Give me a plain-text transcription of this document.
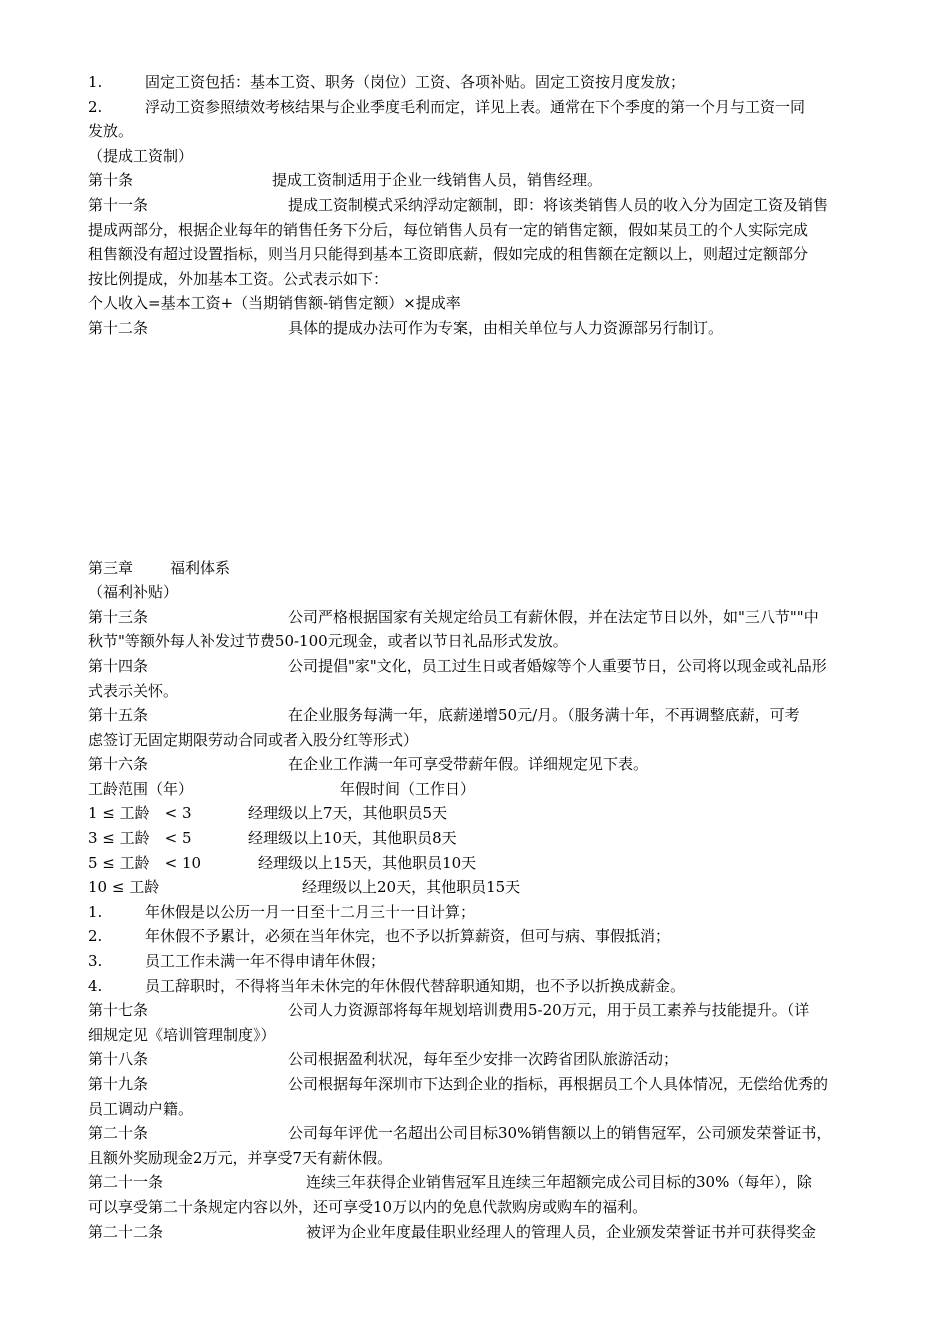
1.	固定工资包括：基本工资、职务（岗位）工资、各项补贴。固定工资按月度发放；

2.	浮动工资参照绩效考核结果与企业季度毛利而定，详见上表。通常在下个季度的第一个月与工资一同

发放。

（提成工资制）

第十条	提成工资制适用于企业一线销售人员，销售经理。

第十一条	提成工资制模式采纳浮动定额制，即：将该类销售人员的收入分为固定工资及销售

提成两部分，根据企业每年的销售任务下分后，每位销售人员有一定的销售定额，假如某员工的个人实际完成

租售额没有超过设置指标，则当月只能得到基本工资即底薪，假如完成的租售额在定额以上，则超过定额部分

按比例提成，外加基本工资。公式表示如下：

个人收入=基本工资+（当期销售额-销售定额）×提成率

第十二条	具体的提成办法可作为专案，由相关单位与人力资源部另行制订。

第三章 福利体系

（福利补贴）

第十三条	公司严格根据国家有关规定给员工有薪休假，并在法定节日以外，如"三八节""中

秋节"等额外每人补发过节费50-100元现金，或者以节日礼品形式发放。

第十四条	公司提倡"家"文化，员工过生日或者婚嫁等个人重要节日，公司将以现金或礼品形

式表示关怀。

第十五条	在企业服务每满一年，底薪递增50元/月。（服务满十年，不再调整底薪，可考

虑签订无固定期限劳动合同或者入股分红等形式）

第十六条	在企业工作满一年可享受带薪年假。详细规定见下表。

工龄范围（年）	年假时间（工作日）

1 ≤ 工龄　< 3	经理级以上7天，其他职员5天

3 ≤ 工龄　< 5	经理级以上10天，其他职员8天

5 ≤ 工龄　< 10	经理级以上15天，其他职员10天

10 ≤ 工龄	经理级以上20天，其他职员15天

1.	年休假是以公历一月一日至十二月三十一日计算；

2.	年休假不予累计，必须在当年休完，也不予以折算薪资，但可与病、事假抵消；

3.	员工工作未满一年不得申请年休假；

4.	员工辞职时，不得将当年未休完的年休假代替辞职通知期，也不予以折换成薪金。

第十七条	公司人力资源部将每年规划培训费用5-20万元，用于员工素养与技能提升。（详

细规定见《培训管理制度》）

第十八条	公司根据盈利状况，每年至少安排一次跨省团队旅游活动；

第十九条	公司根据每年深圳市下达到企业的指标，再根据员工个人具体情况，无偿给优秀的

员工调动户籍。

第二十条	公司每年评优一名超出公司目标30%销售额以上的销售冠军，公司颁发荣誉证书，

且额外奖励现金2万元，并享受7天有薪休假。

第二十一条	连续三年获得企业销售冠军且连续三年超额完成公司目标的30%（每年），除

可以享受第二十条规定内容以外，还可享受10万以内的免息代款购房或购车的福利。

第二十二条	被评为企业年度最佳职业经理人的管理人员，企业颁发荣誉证书并可获得奖金
